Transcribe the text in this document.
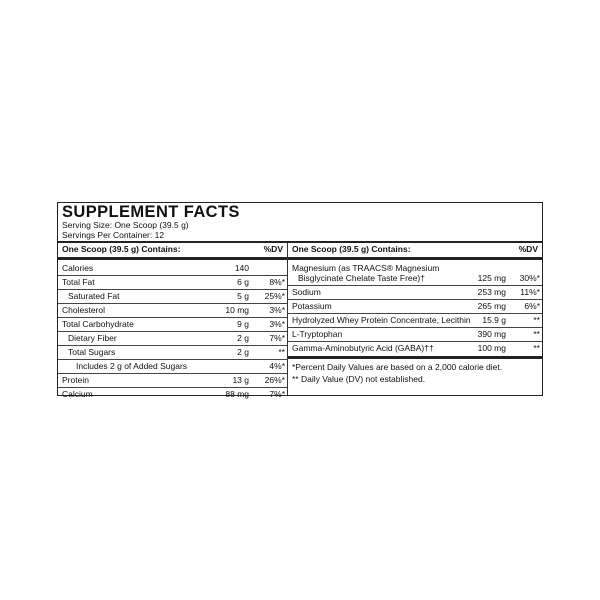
SUPPLEMENT FACTS
Serving Size: One Scoop (39.5 g)
Servings Per Container: 12
One Scoop (39.5 g) Contains:	%DV
Calories	140
Total Fat	6 g 8%*
Saturated Fat	5 g 25%*
Cholesterol	10 mg 3%*
Total Carbohydrate	9 g 3%*
Dietary Fiber	2 g 7%*
Total Sugars	2 g	**
Includes 2 g of Added Sugars	4%*
Protein	13 g 26%*
Calcium	88 mg 7%*
One Scoop (39.5 g) Contains:	%DV
Magnesium (as TRAACS® Magnesium
Bisglycinate Chelate Taste Free)†	125 mg 30%*
Sodium	253 mg 11%*
Potassium	265 mg 6%*
Hydrolyzed Whey Protein Concentrate, Lecithin 15.9 g	**
L-Tryptophan	390 mg	**
Gamma-Aminobutyric Acid (GABA)††	100 mg	**
*Percent Daily Values are based on a 2,000 calorie diet.
** Daily Value (DV) not established.
